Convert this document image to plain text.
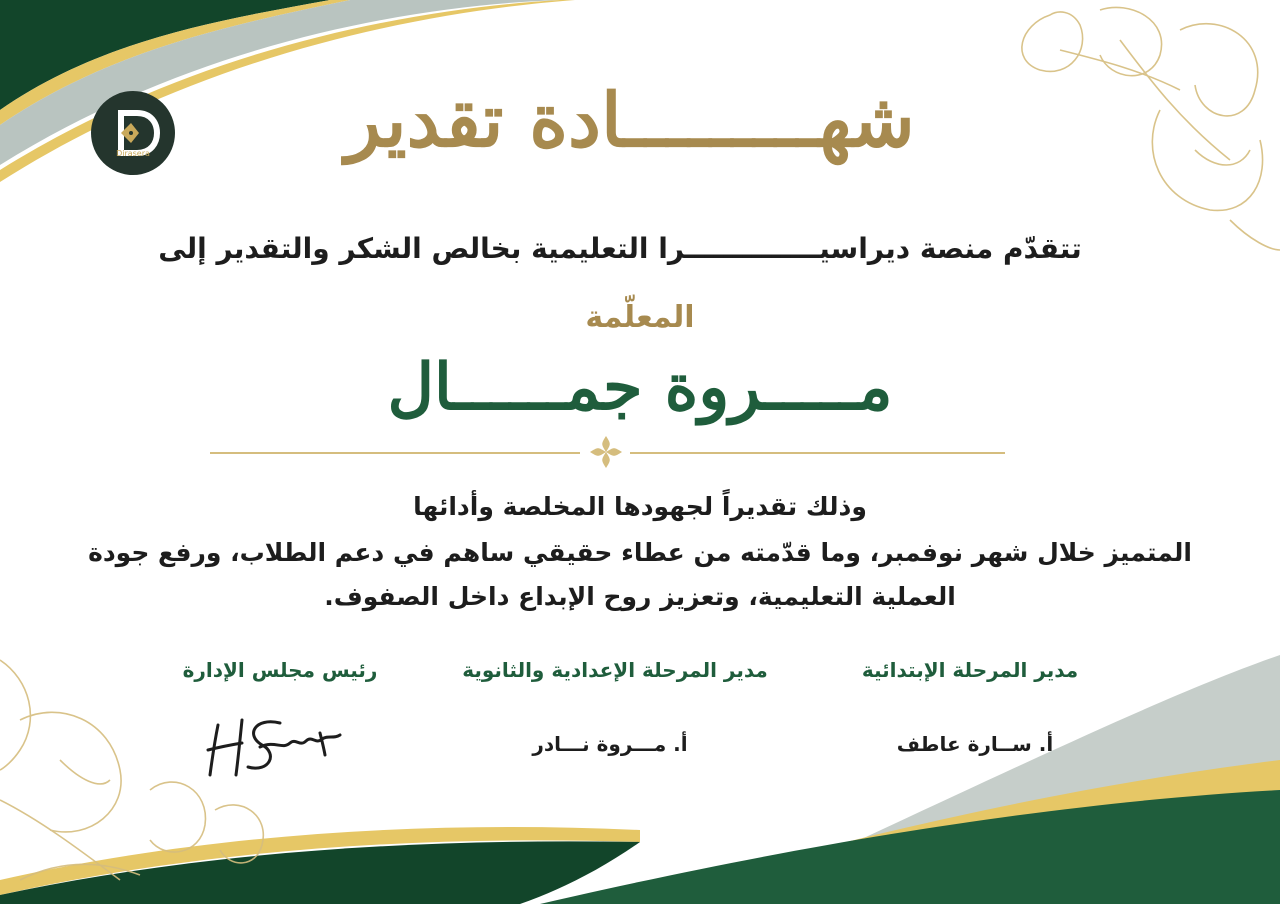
Dirasera	شهـــــــــادة تقدير
تتقدّم منصة ديراسيــــــــــــــرا التعليمية بخالص الشكر والتقدير إلى
المعلّمة
مـــــروة جمــــــال
وذلك تقديراً لجهودها المخلصة وأدائها
المتميز خلال شهر نوفمبر، وما قدّمته من عطاء حقيقي ساهم في دعم الطلاب، ورفع جودة
العملية التعليمية، وتعزيز روح الإبداع داخل الصفوف.
مدير المرحلة الإبتدائية
أ. ســارة عاطف
مدير المرحلة الإعدادية والثانوية
أ. مـــروة نـــادر
رئيس مجلس الإدارة
